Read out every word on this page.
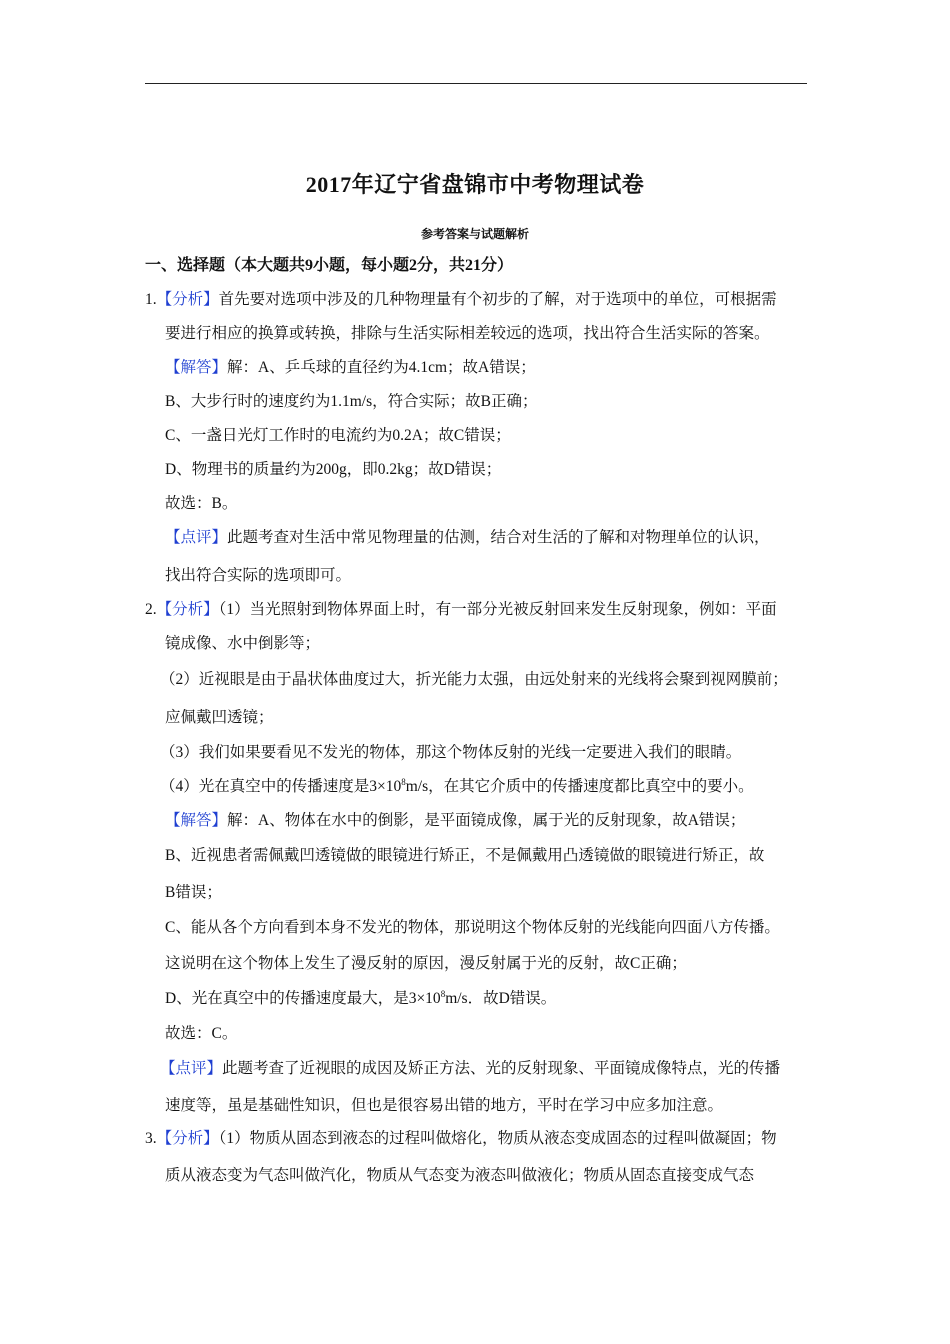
2017年辽宁省盘锦市中考物理试卷
参考答案与试题解析
一、选择题（本大题共9小题，每小题2分，共21分）
1.【分析】首先要对选项中涉及的几种物理量有个初步的了解，对于选项中的单位，可根据需
要进行相应的换算或转换，排除与生活实际相差较远的选项，找出符合生活实际的答案。
【解答】解：A、乒乓球的直径约为4.1cm；故A错误；
B、大步行时的速度约为1.1m/s，符合实际；故B正确；
C、一盏日光灯工作时的电流约为0.2A；故C错误；
D、物理书的质量约为200g，即0.2kg；故D错误；
故选：B。
【点评】此题考查对生活中常见物理量的估测，结合对生活的了解和对物理单位的认识，
找出符合实际的选项即可。
2.【分析】（1）当光照射到物体界面上时，有一部分光被反射回来发生反射现象，例如：平面
镜成像、水中倒影等；
（2）近视眼是由于晶状体曲度过大，折光能力太强，由远处射来的光线将会聚到视网膜前；
应佩戴凹透镜；
（3）我们如果要看见不发光的物体，那这个物体反射的光线一定要进入我们的眼睛。
（4）光在真空中的传播速度是$3\times 10^8m/s$，在其它介质中的传播速度都比真空中的要小。
【解答】解：A、物体在水中的倒影，是平面镜成像，属于光的反射现象，故A错误；
B、近视患者需佩戴凹透镜做的眼镜进行矫正，不是佩戴用凸透镜做的眼镜进行矫正，故
B错误；
C、能从各个方向看到本身不发光的物体，那说明这个物体反射的光线能向四面八方传播。
这说明在这个物体上发生了漫反射的原因，漫反射属于光的反射，故C正确；
D、光在真空中的传播速度最大，是$3\times 10^8m/s$．故D错误。
故选：C。
【点评】此题考查了近视眼的成因及矫正方法、光的反射现象、平面镜成像特点，光的传播
速度等，虽是基础性知识，但也是很容易出错的地方，平时在学习中应多加注意。
3.【分析】（1）物质从固态到液态的过程叫做熔化，物质从液态变成固态的过程叫做凝固；物
质从液态变为气态叫做汽化，物质从气态变为液态叫做液化；物质从固态直接变成气态
